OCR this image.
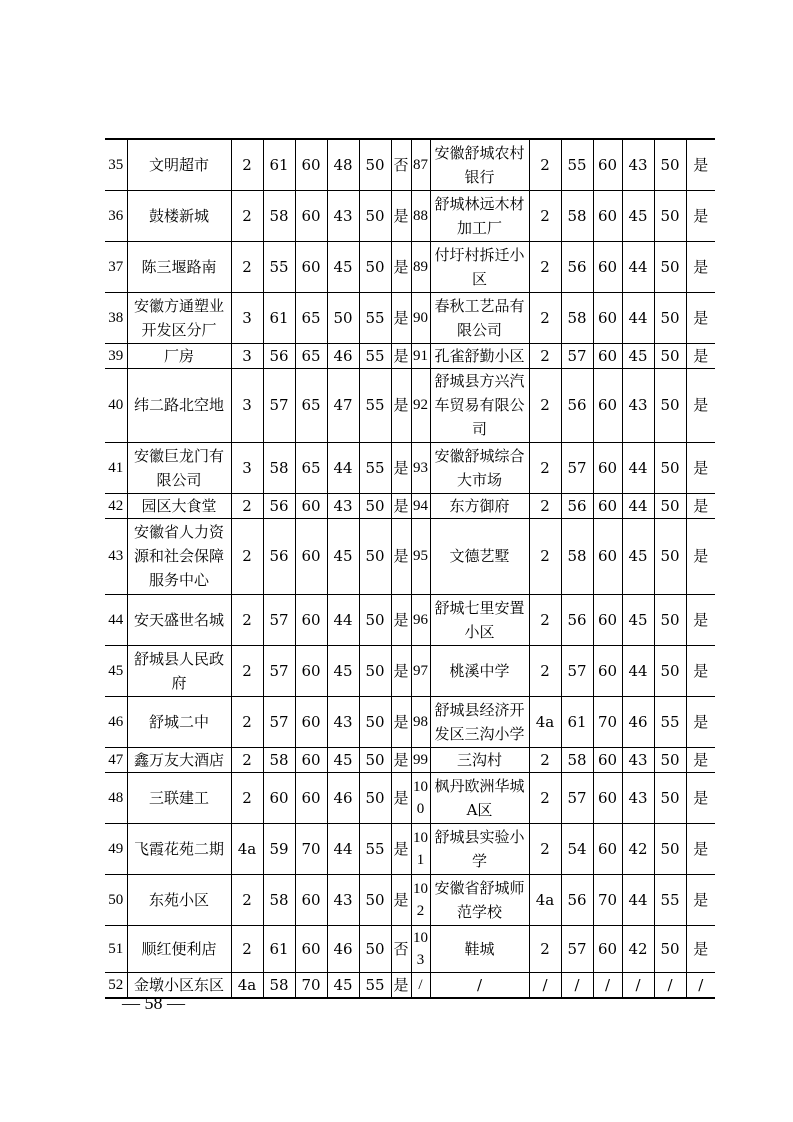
35	文明超市	2	61	60	48	50	否	87	安徽舒城农村银行	2	55	60	43	50	是
36	鼓楼新城	2	58	60	43	50	是	88	舒城林远木材加工厂	2	58	60	45	50	是
37	陈三堰路南	2	55	60	45	50	是	89	付圩村拆迁小区	2	56	60	44	50	是
38	安徽方通塑业开发区分厂	3	61	65	50	55	是	90	春秋工艺品有限公司	2	58	60	44	50	是
39	厂房	3	56	65	46	55	是	91	孔雀舒勤小区	2	57	60	45	50	是
40	纬二路北空地	3	57	65	47	55	是	92	舒城县方兴汽车贸易有限公司	2	56	60	43	50	是
41	安徽巨龙门有限公司	3	58	65	44	55	是	93	安徽舒城综合大市场	2	57	60	44	50	是
42	园区大食堂	2	56	60	43	50	是	94	东方御府	2	56	60	44	50	是
43	安徽省人力资源和社会保障服务中心	2	56	60	45	50	是	95	文德艺墅	2	58	60	45	50	是
44	安天盛世名城	2	57	60	44	50	是	96	舒城七里安置小区	2	56	60	45	50	是
45	舒城县人民政府	2	57	60	45	50	是	97	桃溪中学	2	57	60	44	50	是
46	舒城二中	2	57	60	43	50	是	98	舒城县经济开发区三沟小学	4a	61	70	46	55	是
47	鑫万友大酒店	2	58	60	45	50	是	99	三沟村	2	58	60	43	50	是
48	三联建工	2	60	60	46	50	是	100	枫丹欧洲华城A区	2	57	60	43	50	是
49	飞霞花苑二期	4a	59	70	44	55	是	101	舒城县实验小学	2	54	60	42	50	是
50	东苑小区	2	58	60	43	50	是	102	安徽省舒城师范学校	4a	56	70	44	55	是
51	顺红便利店	2	61	60	46	50	否	103	鞋城	2	57	60	42	50	是
52	金墩小区东区	4a	58	70	45	55	是	/	/	/	/	/	/	/	/
— 58 —
